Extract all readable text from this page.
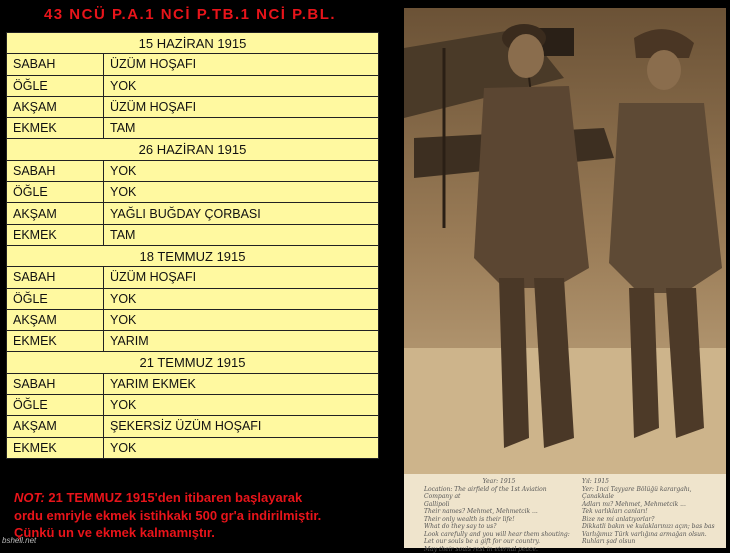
43 NCÜ P.A.1 NCİ P.TB.1 NCİ P.BL.
15 HAZİRAN 1915	
SABAH	ÜZÜM HOŞAFI
ÖĞLE	YOK
AKŞAM	ÜZÜM HOŞAFI
EKMEK	TAM
26 HAZİRAN 1915	
SABAH	YOK
ÖĞLE	YOK
AKŞAM	YAĞLI BUĞDAY ÇORBASI
EKMEK	TAM
18 TEMMUZ 1915	
SABAH	ÜZÜM HOŞAFI
ÖĞLE	YOK
AKŞAM	YOK
EKMEK	YARIM
21 TEMMUZ 1915	
SABAH	YARIM EKMEK
ÖĞLE	YOK
AKŞAM	ŞEKERSİZ ÜZÜM HOŞAFI
EKMEK	YOK
NOT: 21 TEMMUZ 1915'den itibaren başlayarak
ordu emriyle ekmek istihkakı 500 gr'a indirilmiştir.
Çünkü un ve ekmek kalmamıştır.
bshell.net
Year: 1915
Location: The airfield of the 1st Aviation Company at
Gallipoli
Their names? Mehmet, Mehmetcik ...
Their only wealth is their life!
What do they say to us?
Look carefully and you will hear them shouting:
Let our souls be a gift for our country.
May their souls rest in eternal peace.
Yıl: 1915
Yer: 1nci Tayyare Bölüğü karargahı, Çanakkale
Adları mı? Mehmet, Mehmetcik ...
Tek varlıkları canları!
Bize ne mi anlatıyorlar?
Dikkatli bakın ve kulaklarınızı açın; bas bas
Varlığımız Türk varlığına armağan olsun.
Ruhları şad olsun
